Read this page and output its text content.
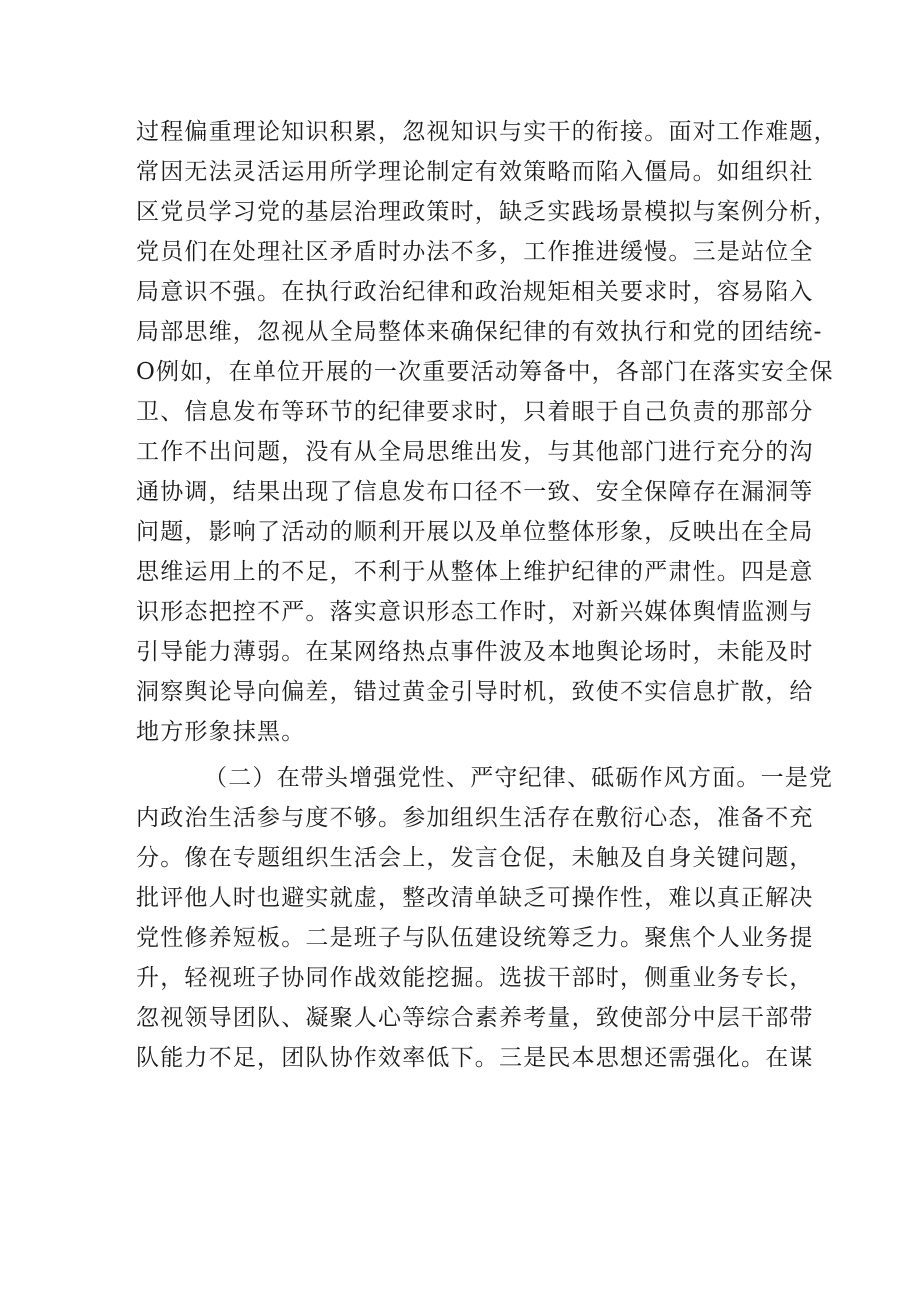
过程偏重理论知识积累，忽视知识与实干的衔接。面对工作难题，
常因无法灵活运用所学理论制定有效策略而陷入僵局。如组织社
区党员学习党的基层治理政策时，缺乏实践场景模拟与案例分析，
党员们在处理社区矛盾时办法不多，工作推进缓慢。三是站位全
局意识不强。在执行政治纪律和政治规矩相关要求时，容易陷入
局部思维，忽视从全局整体来确保纪律的有效执行和党的团结统-
O例如，在单位开展的一次重要活动筹备中，各部门在落实安全保
卫、信息发布等环节的纪律要求时，只着眼于自己负责的那部分
工作不出问题，没有从全局思维出发，与其他部门进行充分的沟
通协调，结果出现了信息发布口径不一致、安全保障存在漏洞等
问题，影响了活动的顺利开展以及单位整体形象，反映出在全局
思维运用上的不足，不利于从整体上维护纪律的严肃性。四是意
识形态把控不严。落实意识形态工作时，对新兴媒体舆情监测与
引导能力薄弱。在某网络热点事件波及本地舆论场时，未能及时
洞察舆论导向偏差，错过黄金引导时机，致使不实信息扩散，给
地方形象抹黑。
（二）在带头增强党性、严守纪律、砥砺作风方面。一是党
内政治生活参与度不够。参加组织生活存在敷衍心态，准备不充
分。像在专题组织生活会上，发言仓促，未触及自身关键问题，
批评他人时也避实就虚，整改清单缺乏可操作性，难以真正解决
党性修养短板。二是班子与队伍建设统筹乏力。聚焦个人业务提
升，轻视班子协同作战效能挖掘。选拔干部时，侧重业务专长，
忽视领导团队、凝聚人心等综合素养考量，致使部分中层干部带
队能力不足，团队协作效率低下。三是民本思想还需强化。在谋
